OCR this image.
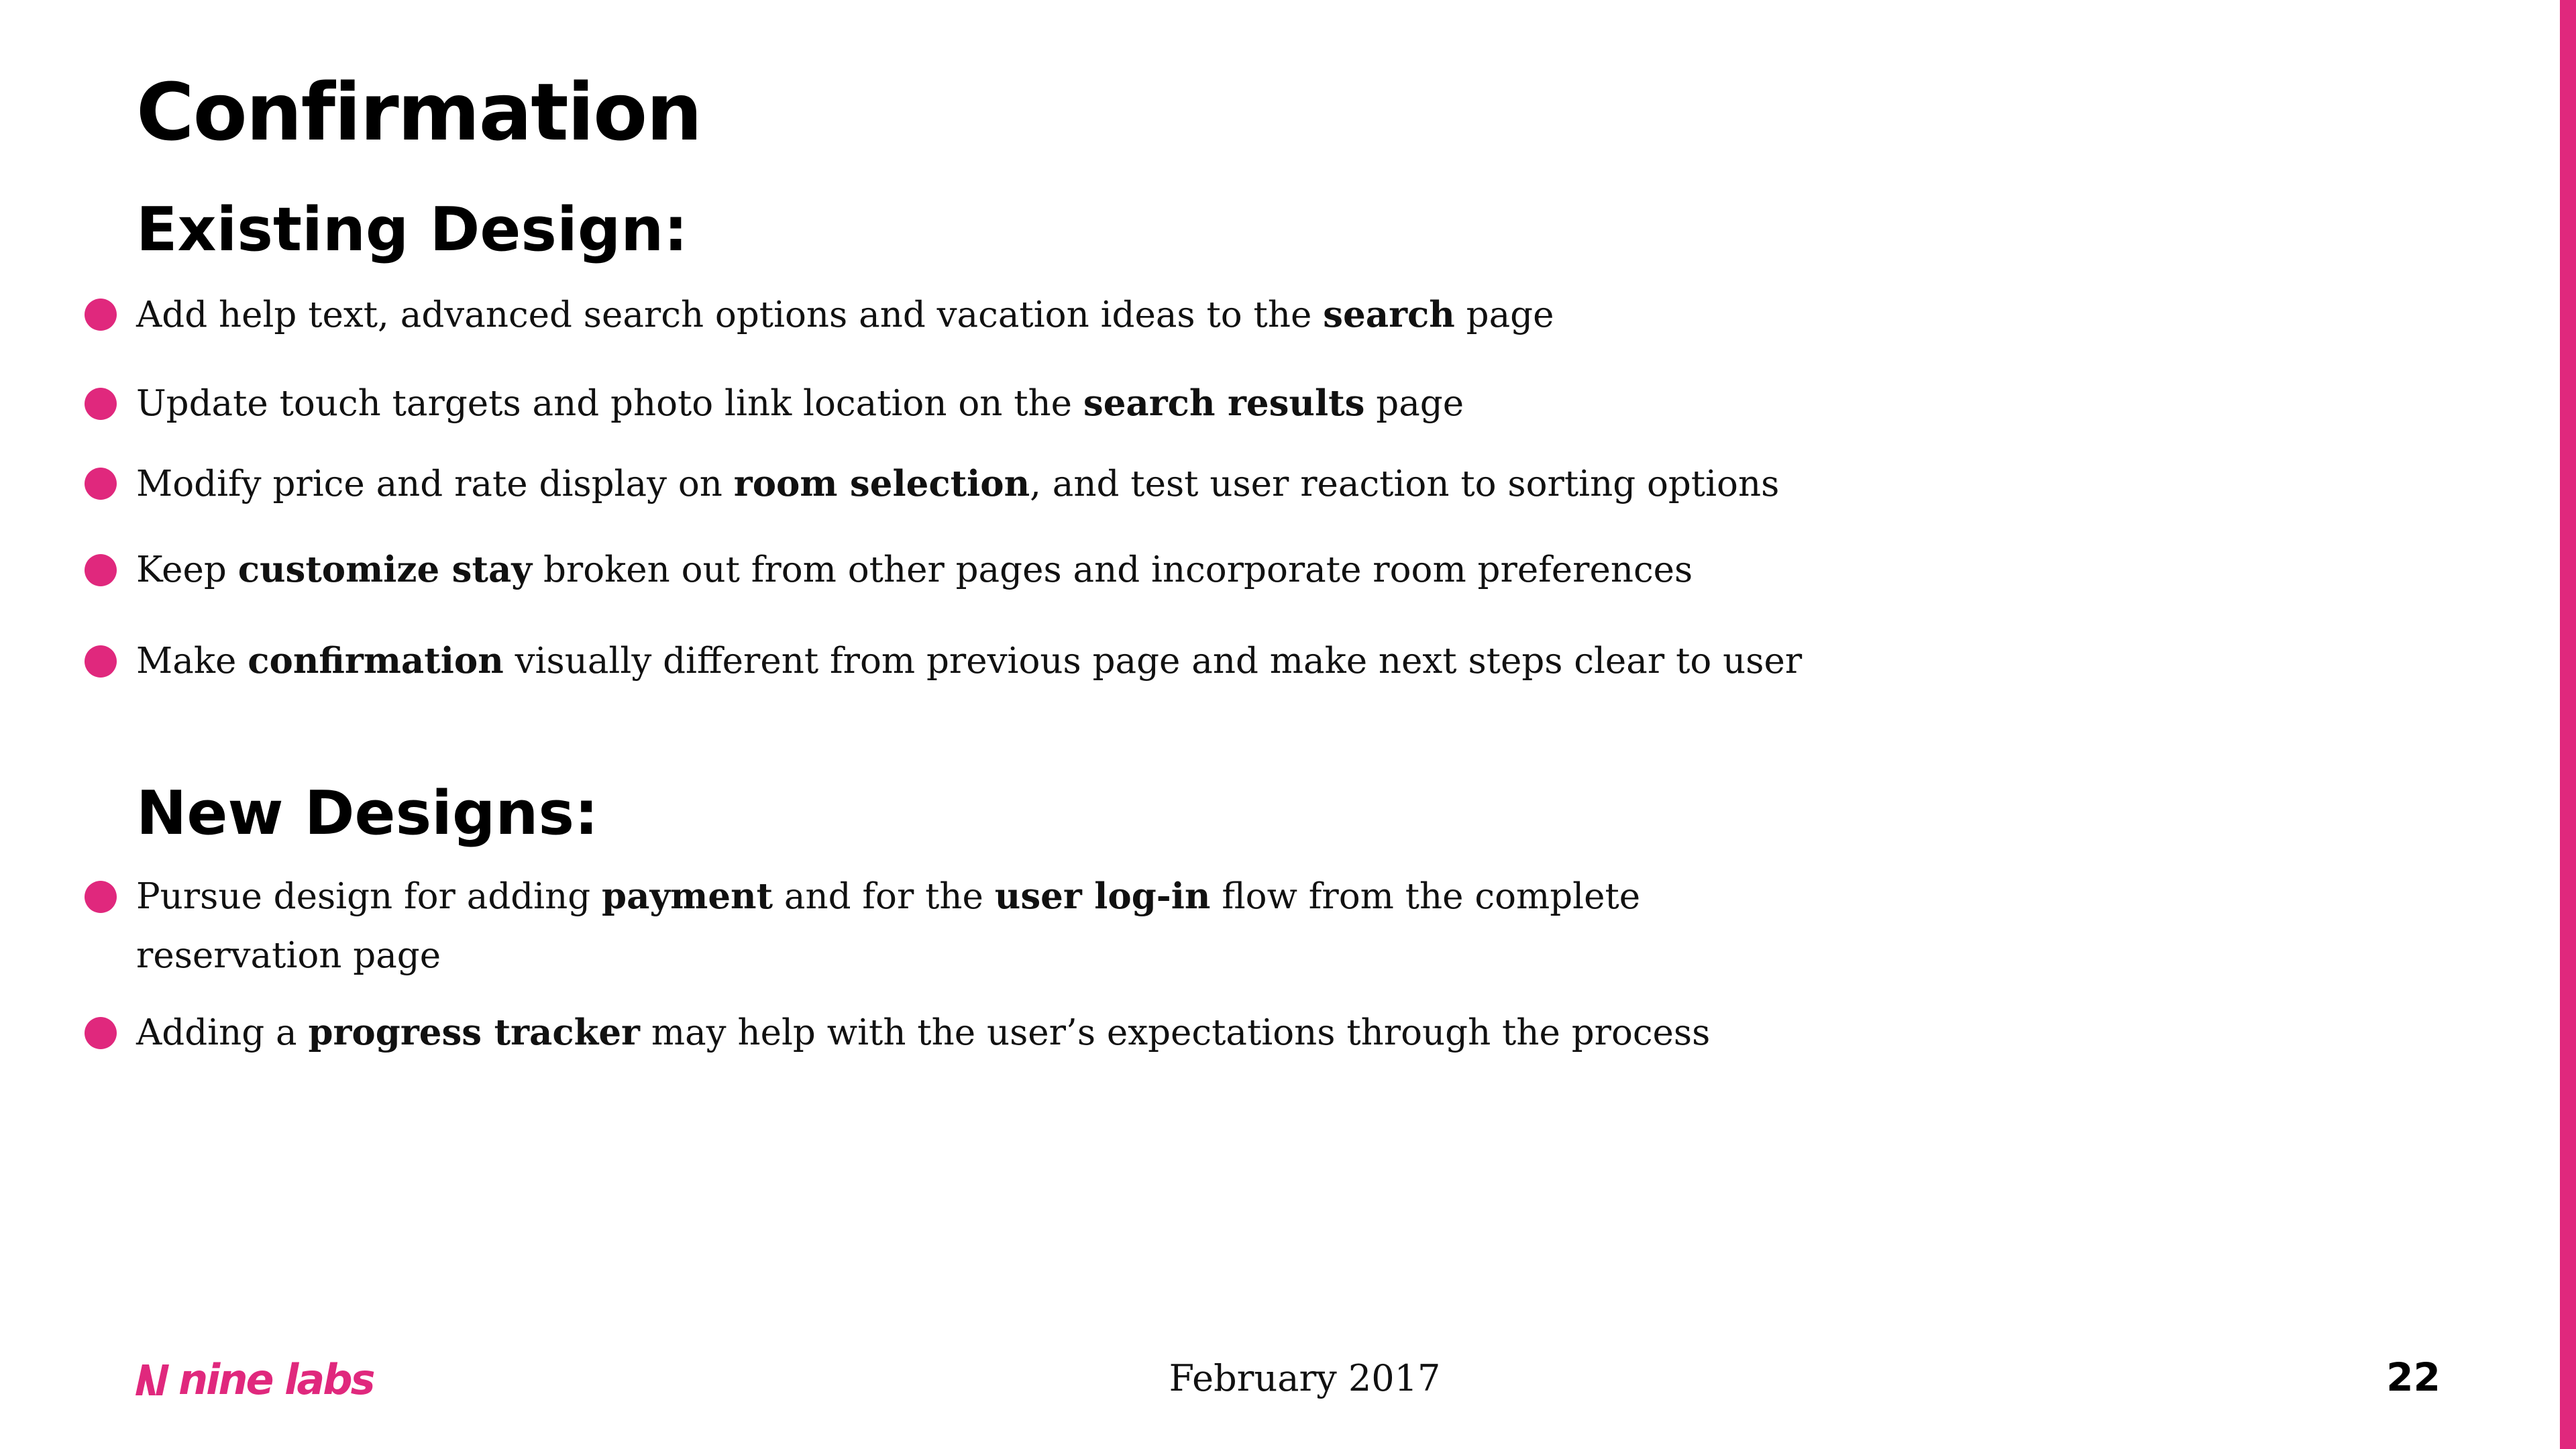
Confirmation
Existing Design:
Add help text, advanced search options and vacation ideas to the search page
Update touch targets and photo link location on the search results page
Modify price and rate display on room selection, and test user reaction to sorting options
Keep customize stay broken out from other pages and incorporate room preferences
Make confirmation visually different from previous page and make next steps clear to user
New Designs:
Pursue design for adding payment and for the user log-in flow from the complete
reservation page
Adding a progress tracker may help with the user’s expectations through the process
nine labs	February 2017	22
